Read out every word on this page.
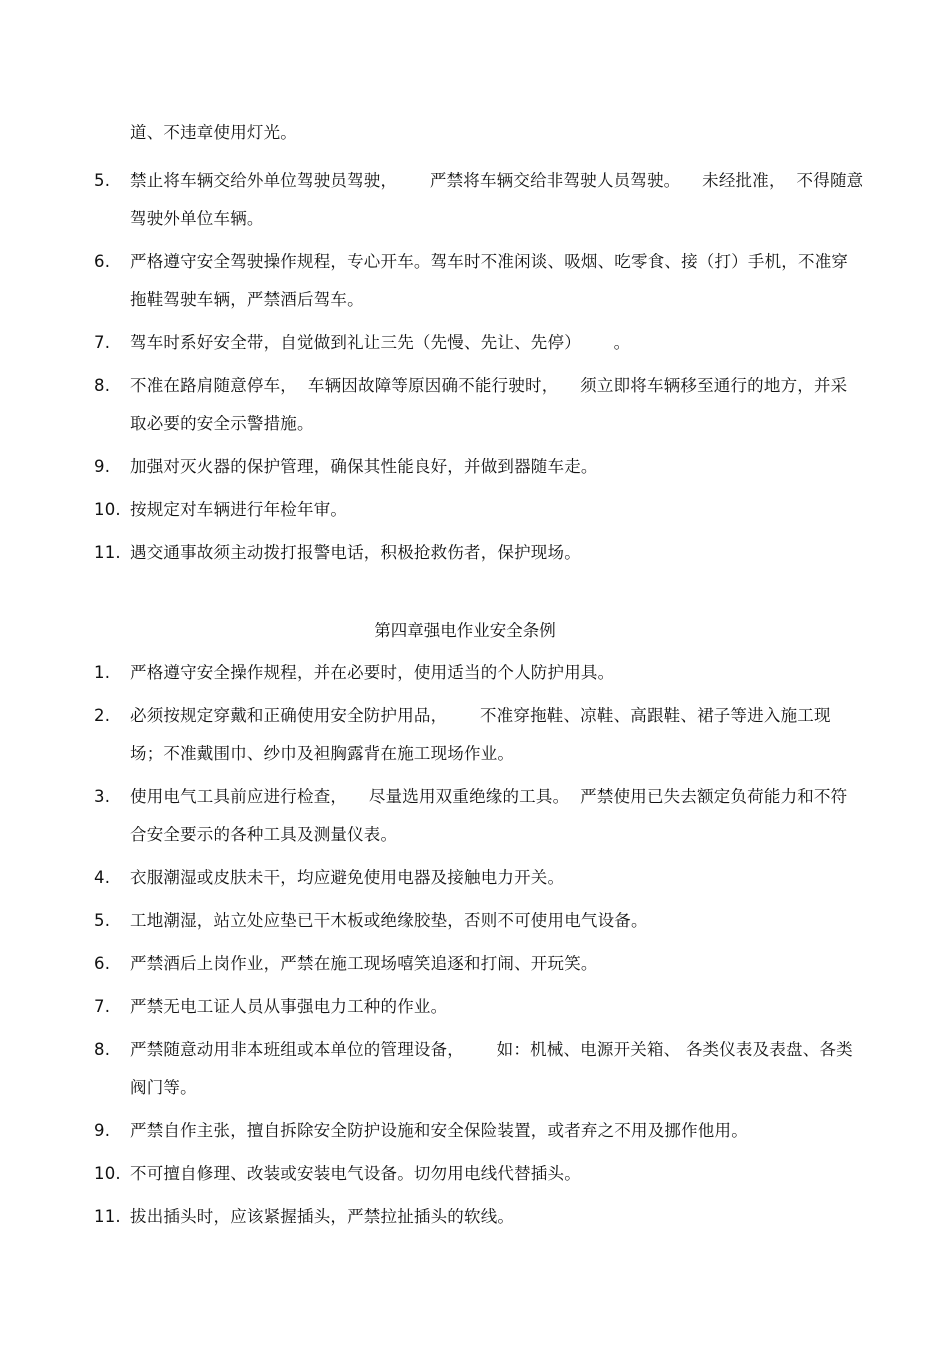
道、不违章使用灯光。
5.	禁止将车辆交给外单位驾驶员驾驶，      严禁将车辆交给非驾驶人员驾驶。    未经批准，  不得随意驾驶外单位车辆。
6.	严格遵守安全驾驶操作规程，专心开车。驾车时不准闲谈、吸烟、吃零食、接（打）手机，不准穿拖鞋驾驶车辆，严禁酒后驾车。
7.	驾车时系好安全带，自觉做到礼让三先（先慢、先让、先停）      。
8.	不准在路肩随意停车，  车辆因故障等原因确不能行驶时，    须立即将车辆移至通行的地方，并采取必要的安全示警措施。
9.	加强对灭火器的保护管理，确保其性能良好，并做到器随车走。
10. 按规定对车辆进行年检年审。
11. 遇交通事故须主动拨打报警电话，积极抢救伤者，保护现场。
第四章强电作业安全条例
1.	严格遵守安全操作规程，并在必要时，使用适当的个人防护用具。
2.	必须按规定穿戴和正确使用安全防护用品，      不准穿拖鞋、凉鞋、高跟鞋、裙子等进入施工现场；不准戴围巾、纱巾及袒胸露背在施工现场作业。
3.	使用电气工具前应进行检查，    尽量选用双重绝缘的工具。  严禁使用已失去额定负荷能力和不符合安全要示的各种工具及测量仪表。
4.	衣服潮湿或皮肤未干，均应避免使用电器及接触电力开关。
5.	工地潮湿，站立处应垫已干木板或绝缘胶垫，否则不可使用电气设备。
6.	严禁酒后上岗作业，严禁在施工现场嘻笑追逐和打闹、开玩笑。
7.	严禁无电工证人员从事强电力工种的作业。
8.	严禁随意动用非本班组或本单位的管理设备，      如：机械、电源开关箱、 各类仪表及表盘、各类阀门等。
9.	严禁自作主张，擅自拆除安全防护设施和安全保险装置，或者弃之不用及挪作他用。
10. 不可擅自修理、改装或安装电气设备。切勿用电线代替插头。
11. 拔出插头时，应该紧握插头，严禁拉扯插头的软线。
